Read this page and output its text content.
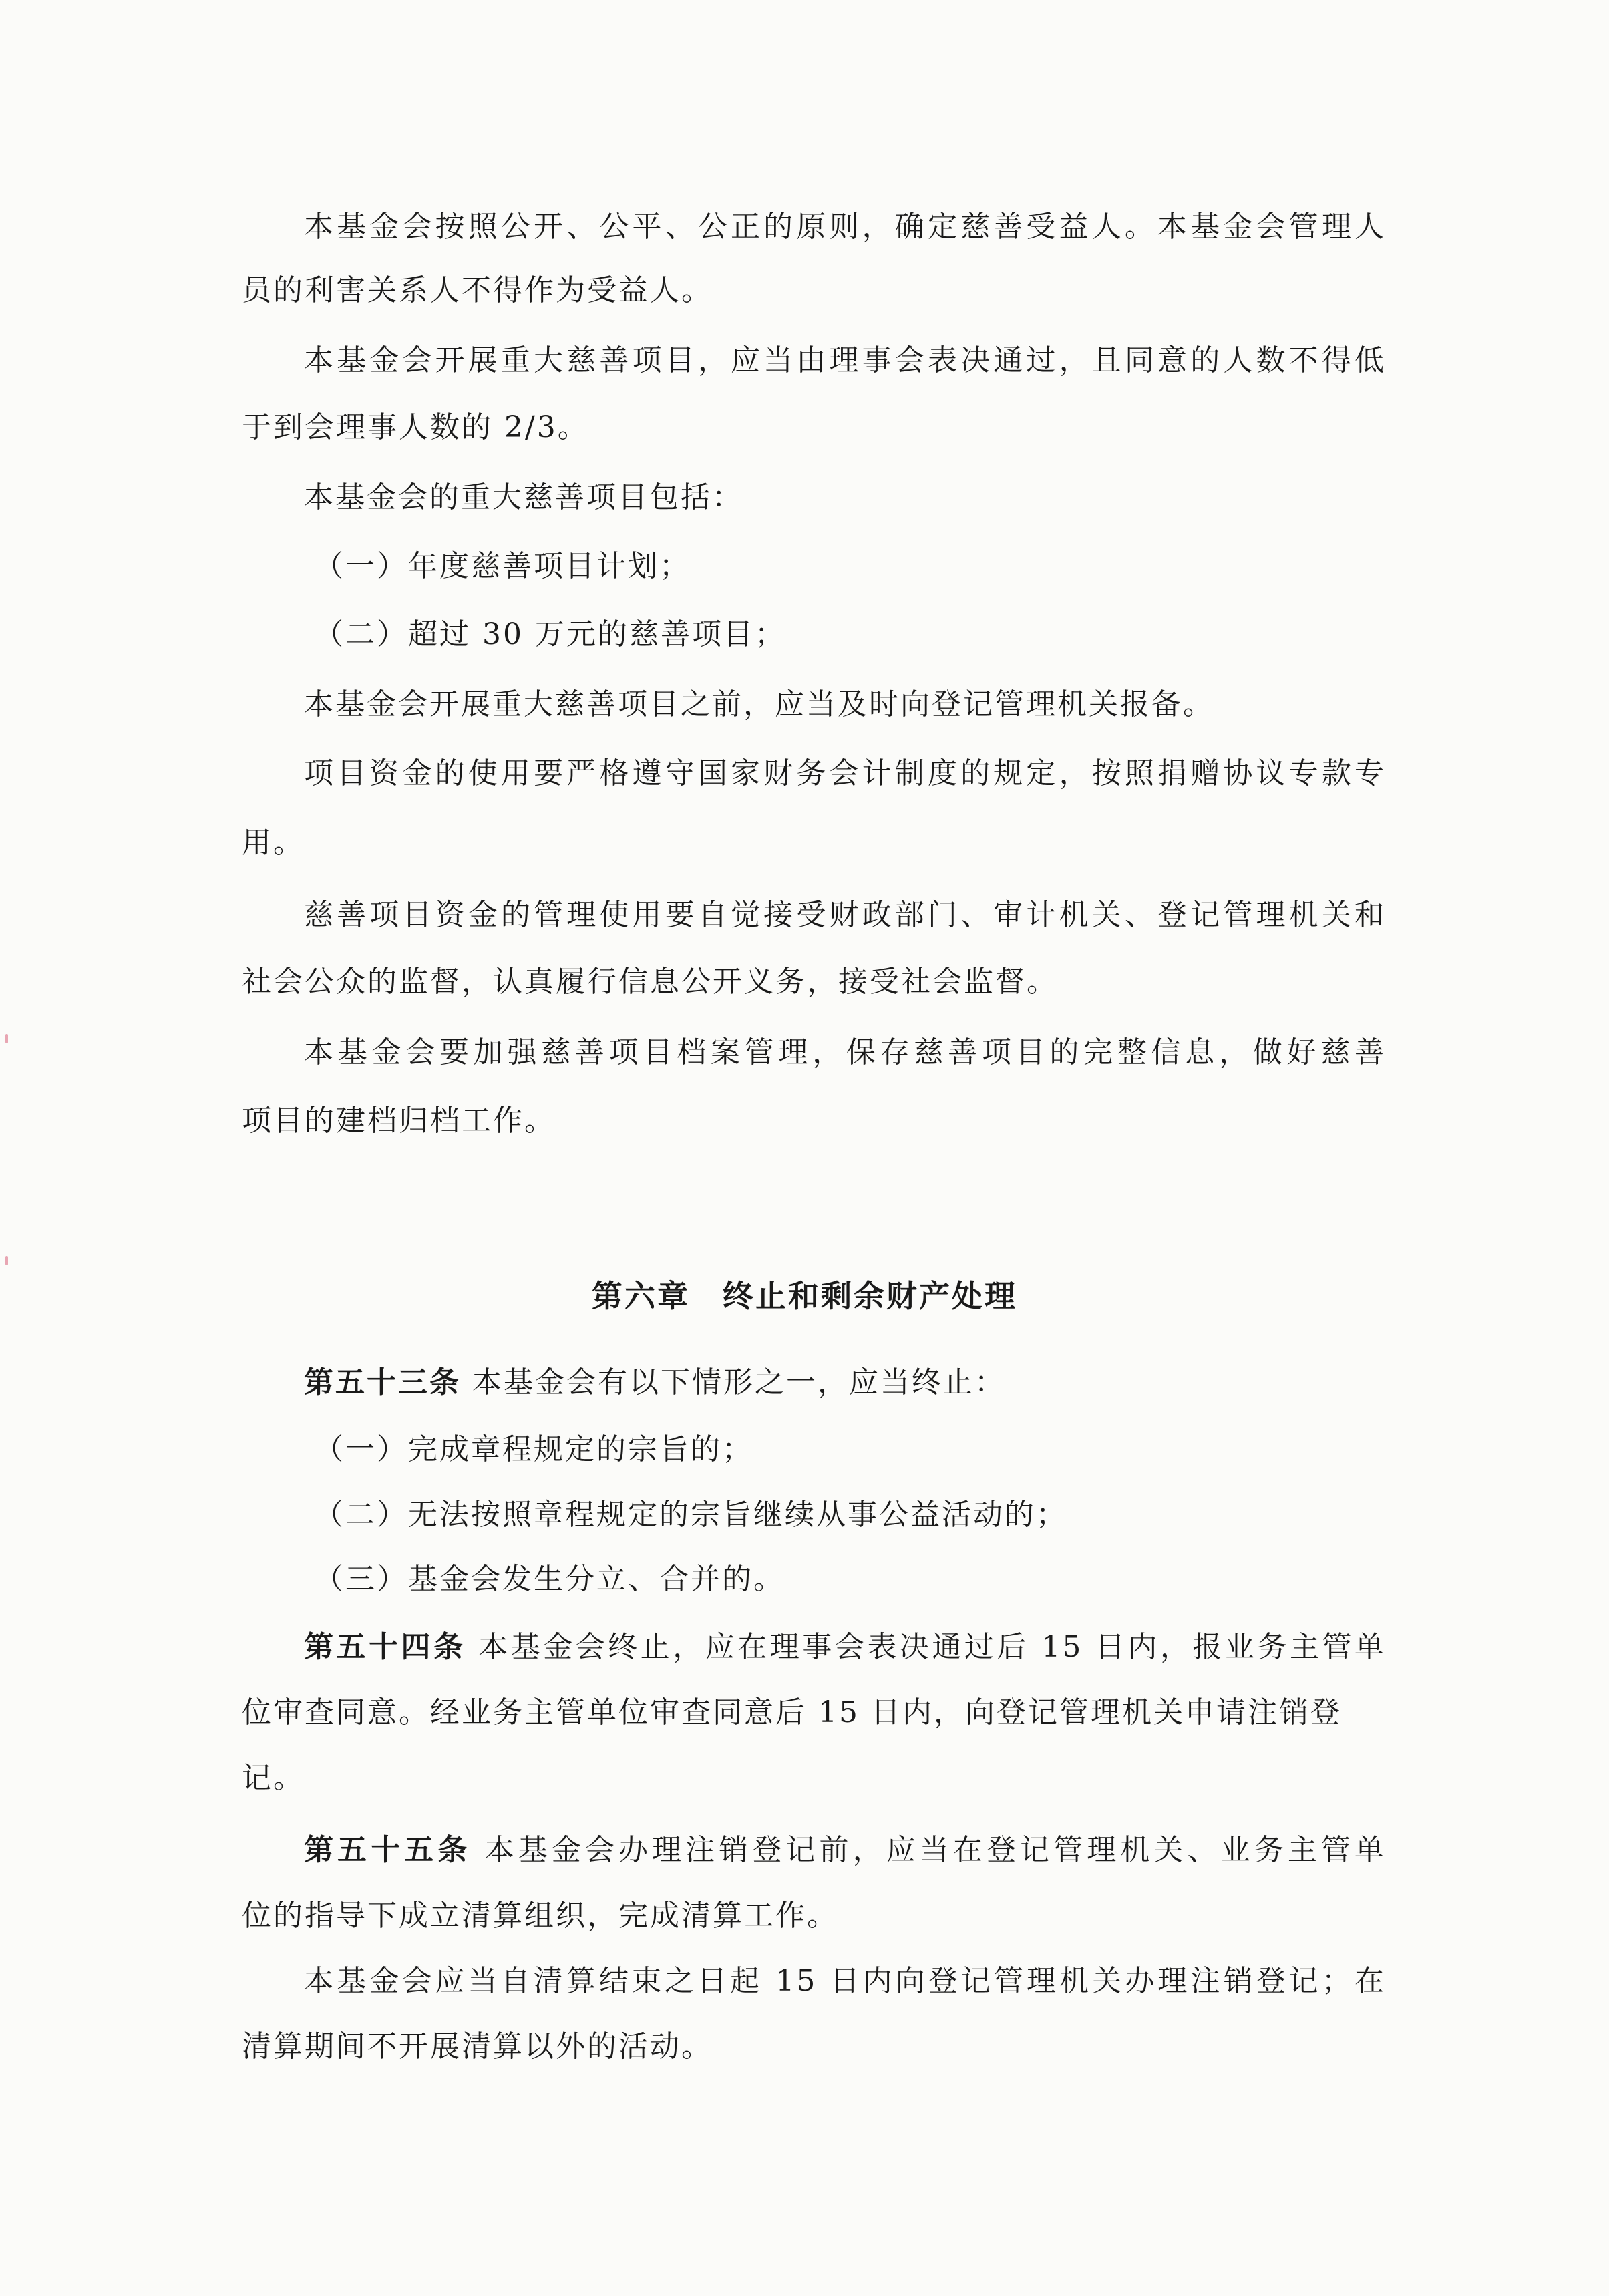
本基金会按照公开、公平、公正的原则，确定慈善受益人。本基金会管理人
员的利害关系人不得作为受益人。
本基金会开展重大慈善项目，应当由理事会表决通过，且同意的人数不得低
于到会理事人数的 2/3。
本基金会的重大慈善项目包括：
（一）年度慈善项目计划；
（二）超过 30 万元的慈善项目；
本基金会开展重大慈善项目之前，应当及时向登记管理机关报备。
项目资金的使用要严格遵守国家财务会计制度的规定，按照捐赠协议专款专
用。
慈善项目资金的管理使用要自觉接受财政部门、审计机关、登记管理机关和
社会公众的监督，认真履行信息公开义务，接受社会监督。
本基金会要加强慈善项目档案管理，保存慈善项目的完整信息，做好慈善
项目的建档归档工作。
第六章　终止和剩余财产处理
第五十三条 本基金会有以下情形之一，应当终止：
（一）完成章程规定的宗旨的；
（二）无法按照章程规定的宗旨继续从事公益活动的；
（三）基金会发生分立、合并的。
第五十四条 本基金会终止，应在理事会表决通过后 15 日内，报业务主管单
位审查同意。经业务主管单位审查同意后 15 日内，向登记管理机关申请注销登
记。
第五十五条 本基金会办理注销登记前，应当在登记管理机关、业务主管单
位的指导下成立清算组织，完成清算工作。
本基金会应当自清算结束之日起 15 日内向登记管理机关办理注销登记；在
清算期间不开展清算以外的活动。
